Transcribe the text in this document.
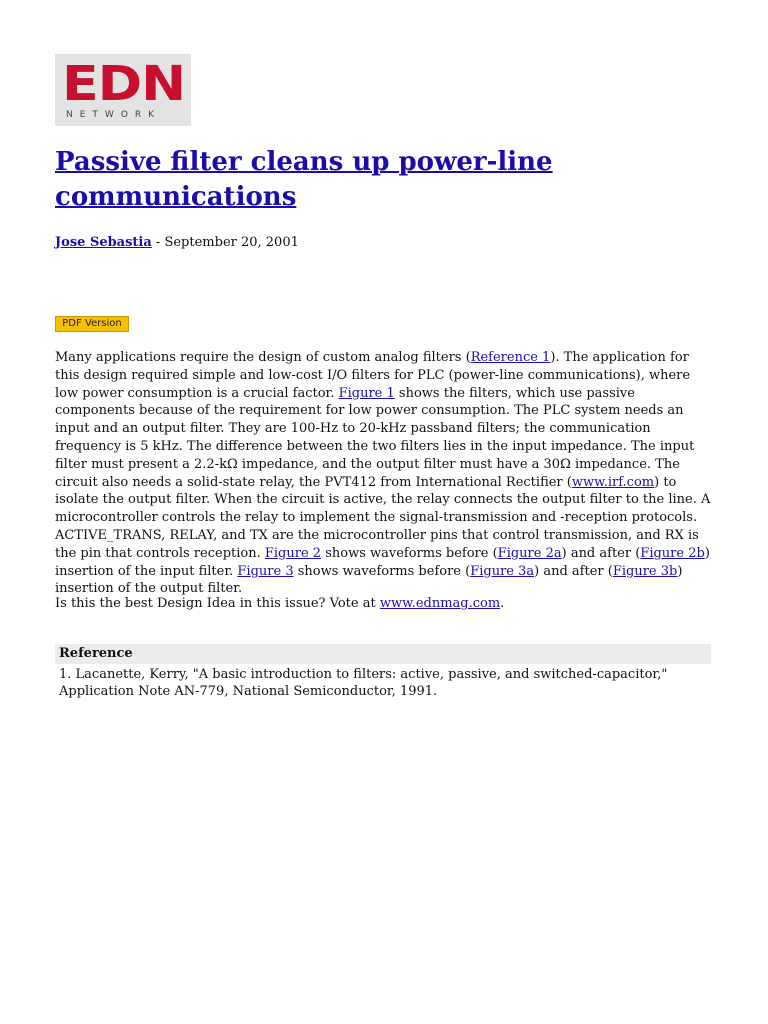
EDN
NETWORK
Passive filter cleans up power-line communications
Jose Sebastia - September 20, 2001
PDF Version

Many applications require the design of custom analog filters (Reference 1). The application for this design required simple and low-cost I/O filters for PLC (power-line communications), where low power consumption is a crucial factor. Figure 1 shows the filters, which use passive components because of the requirement for low power consumption. The PLC system needs an input and an output filter. They are 100-Hz to 20-kHz passband filters; the communication frequency is 5 kHz. The difference between the two filters lies in the input impedance. The input filter must present a 2.2-kΩ impedance, and the output filter must have a 30Ω impedance. The circuit also needs a solid-state relay, the PVT412 from International Rectifier (www.irf.com) to isolate the output filter. When the circuit is active, the relay connects the output filter to the line. A microcontroller controls the relay to implement the signal-transmission and -reception protocols. ACTIVE_TRANS, RELAY, and TX are the microcontroller pins that control transmission, and RX is the pin that controls reception. Figure 2 shows waveforms before (Figure 2a) and after (Figure 2b) insertion of the input filter. Figure 3 shows waveforms before (Figure 3a) and after (Figure 3b) insertion of the output filter.

Is this the best Design Idea in this issue? Vote at www.ednmag.com.

Reference
1. Lacanette, Kerry, "A basic introduction to filters: active, passive, and switched-capacitor," Application Note AN-779, National Semiconductor, 1991.
